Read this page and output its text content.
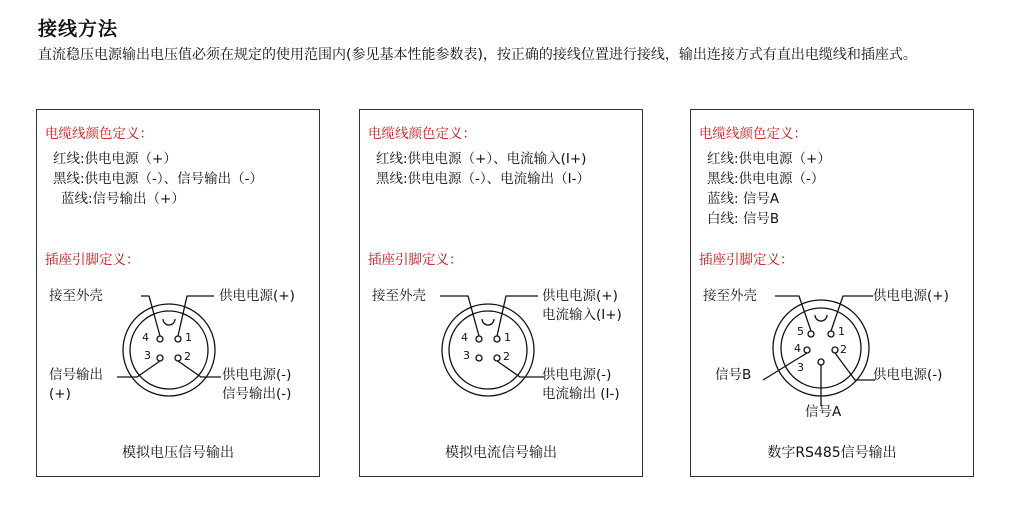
接线方法
直流稳压电源输出电压值必须在规定的使用范围内(参见基本性能参数表)，按正确的接线位置进行接线，输出连接方式有直出电缆线和插座式。
电缆线颜色定义：
红线:供电电源（+）
黑线:供电电源（-）、信号输出（-）
蓝线:信号输出（+）
插座引脚定义：
4	1
3	2
接至外壳	供电电源(+)
信号输出
(+)
供电电源(-)
信号输出(-)
模拟电压信号输出
电缆线颜色定义：
红线:供电电源（+）、电流输入(I+)
黑线:供电电源（-）、电流输出（I-）
插座引脚定义：
4	1
3	2
接至外壳	供电电源(+)
电流输入(I+)
供电电源(-)
电流输出 (I-)
模拟电流信号输出
电缆线颜色定义：
红线:供电电源（+）
黑线:供电电源（-）
蓝线: 信号A
白线: 信号B
插座引脚定义：
5	1
4	2
3
接至外壳	供电电源(+)
信号B	供电电源(-)
信号A
数字RS485信号输出
